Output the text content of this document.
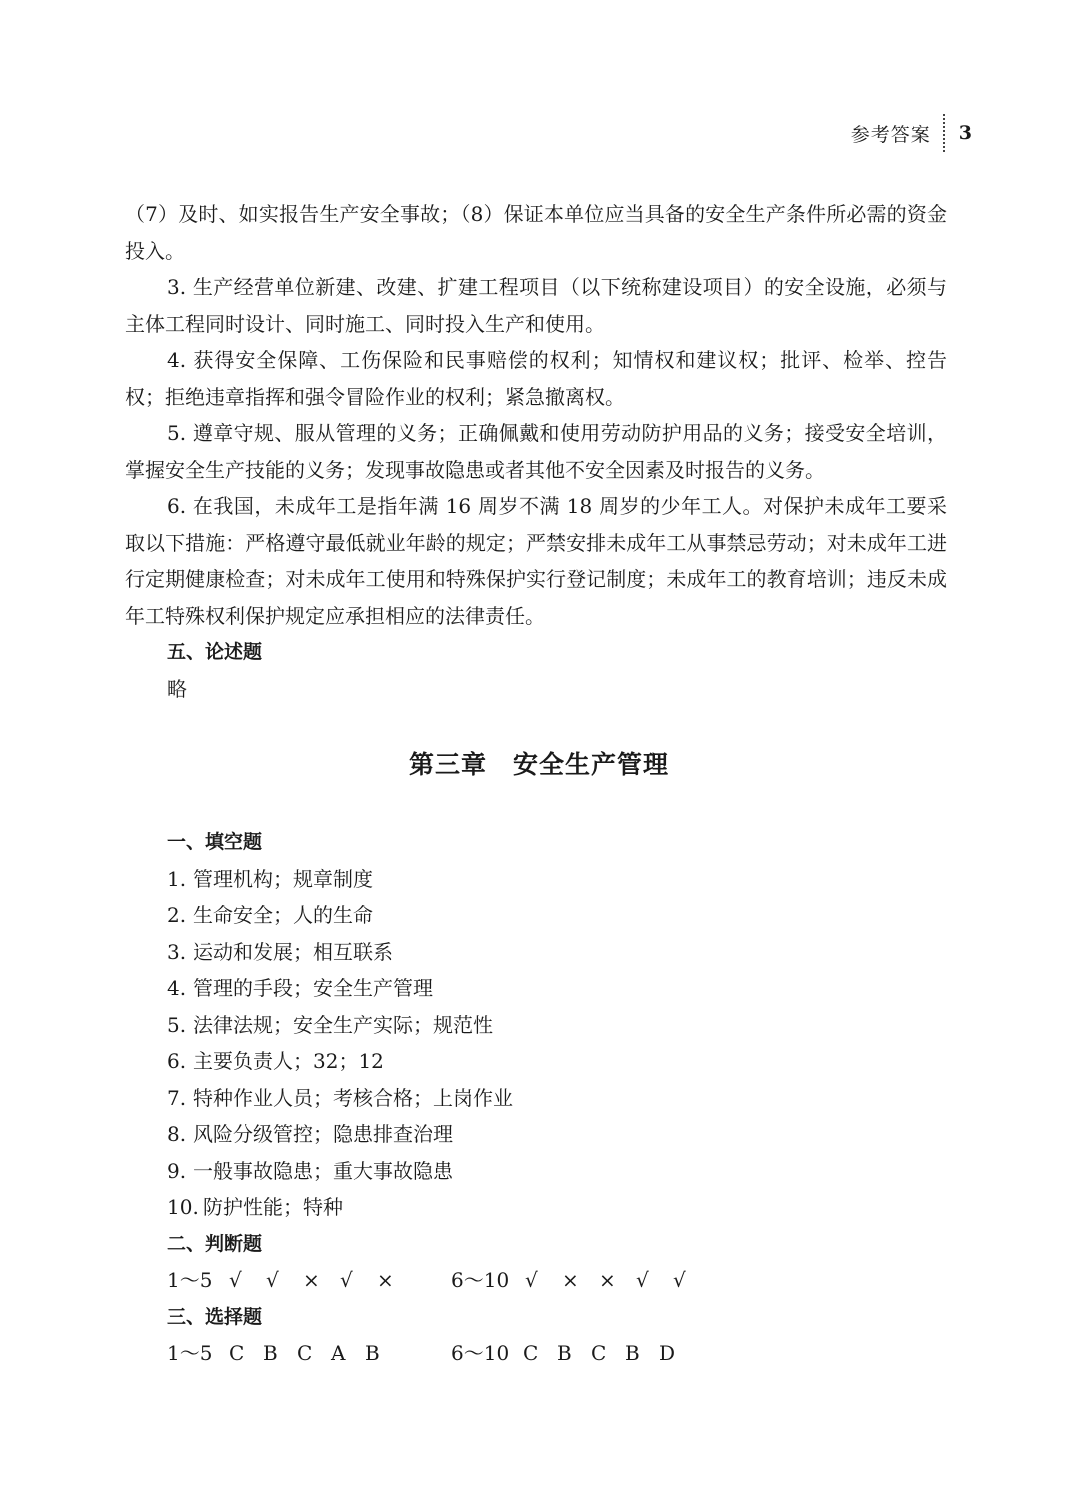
参考答案 3

（7）及时、如实报告生产安全事故；（8）保证本单位应当具备的安全生产条件所必需的资金投入。

3. 生产经营单位新建、改建、扩建工程项目（以下统称建设项目）的安全设施，必须与主体工程同时设计、同时施工、同时投入生产和使用。

4. 获得安全保障、工伤保险和民事赔偿的权利；知情权和建议权；批评、检举、控告权；拒绝违章指挥和强令冒险作业的权利；紧急撤离权。

5. 遵章守规、服从管理的义务；正确佩戴和使用劳动防护用品的义务；接受安全培训，掌握安全生产技能的义务；发现事故隐患或者其他不安全因素及时报告的义务。

6. 在我国，未成年工是指年满 16 周岁不满 18 周岁的少年工人。对保护未成年工要采取以下措施：严格遵守最低就业年龄的规定；严禁安排未成年工从事禁忌劳动；对未成年工进行定期健康检查；对未成年工使用和特殊保护实行登记制度；未成年工的教育培训；违反未成年工特殊权利保护规定应承担相应的法律责任。

五、论述题

略

第三章 安全生产管理
一、填空题
1. 管理机构；规章制度
2. 生命安全；人的生命
3. 运动和发展；相互联系
4. 管理的手段；安全生产管理
5. 法律法规；安全生产实际；规范性
6. 主要负责人；32；12
7. 特种作业人员；考核合格；上岗作业
8. 风险分级管控；隐患排查治理
9. 一般事故隐患；重大事故隐患
10. 防护性能；特种
二、判断题
1～5 √	√	×	√	×	6～10 √	×	×	√	√
三、选择题
1～5 C B C A B	6～10 C B C B D
